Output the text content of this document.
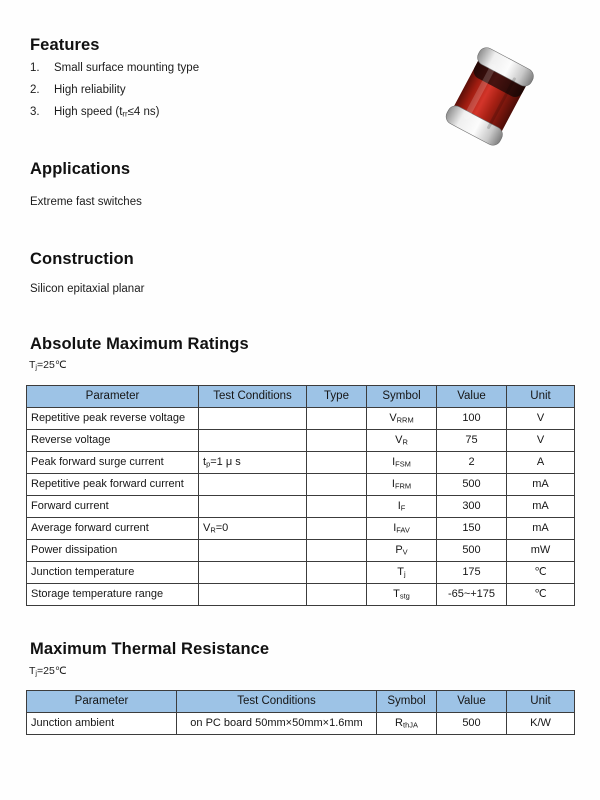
Features
1.	Small surface mounting type
2.	High reliability
3.	High speed ($t_{rr}\le 4$ ns)
Applications
Extreme fast switches
Construction
Silicon epitaxial planar
Absolute Maximum Ratings
$T_j=25℃$
Parameter	Test Conditions	Type	Symbol	Value	Unit
Repetitive peak reverse voltage			$V_{RRM}$	100	V
Reverse voltage			$V_R$	75	V
Peak forward surge current	$t_p=1$ μ s		$I_{FSM}$	2	A
Repetitive peak forward current			$I_{FRM}$	500	mA
Forward current			$I_F$	300	mA
Average forward current	$V_R=0$		$I_{FAV}$	150	mA
Power dissipation			$P_V$	500	mW
Junction temperature			$T_j$	175	℃
Storage temperature range			$T_{stg}$	-65~+175	℃
Maximum Thermal Resistance
$T_j=25℃$
Parameter	Test Conditions	Symbol	Value	Unit
Junction ambient	on PC board 50mm×50mm×1.6mm	$R_{thJA}$	500	K/W
